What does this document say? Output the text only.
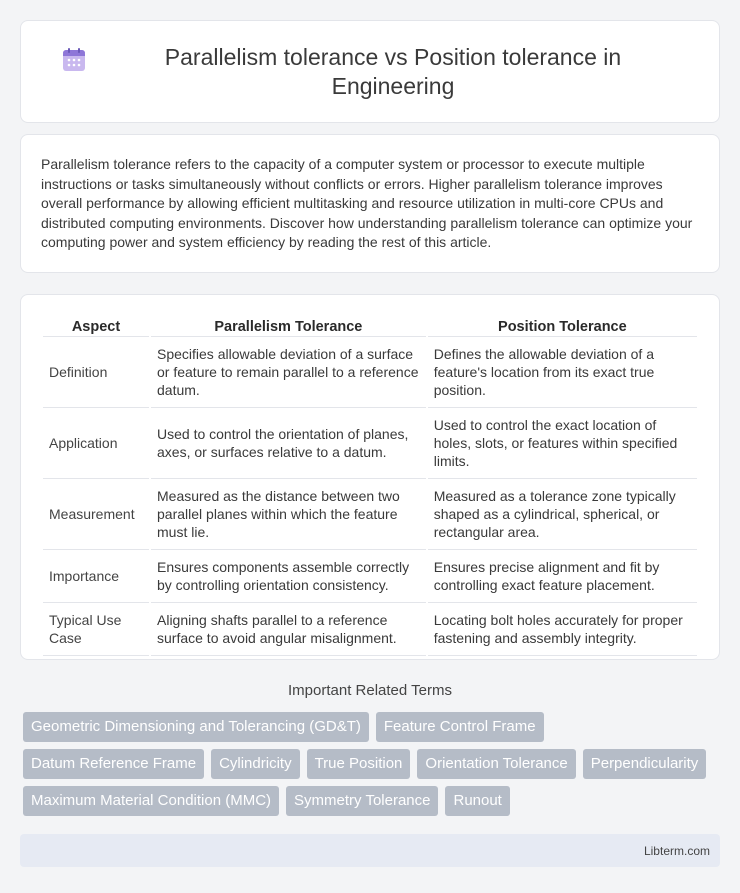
Parallelism tolerance vs Position tolerance in Engineering

Parallelism tolerance refers to the capacity of a computer system or processor to execute multiple instructions or tasks simultaneously without conflicts or errors. Higher parallelism tolerance improves overall performance by allowing efficient multitasking and resource utilization in multi-core CPUs and distributed computing environments. Discover how understanding parallelism tolerance can optimize your computing power and system efficiency by reading the rest of this article.

Aspect	Parallelism Tolerance	Position Tolerance
Definition	Specifies allowable deviation of a surface or feature to remain parallel to a reference datum.	Defines the allowable deviation of a feature's location from its exact true position.
Application	Used to control the orientation of planes, axes, or surfaces relative to a datum.	Used to control the exact location of holes, slots, or features within specified limits.
Measurement	Measured as the distance between two parallel planes within which the feature must lie.	Measured as a tolerance zone typically shaped as a cylindrical, spherical, or rectangular area.
Importance	Ensures components assemble correctly by controlling orientation consistency.	Ensures precise alignment and fit by controlling exact feature placement.
Typical Use Case	Aligning shafts parallel to a reference surface to avoid angular misalignment.	Locating bolt holes accurately for proper fastening and assembly integrity.
Important Related Terms
Geometric Dimensioning and Tolerancing (GD&T)	Feature Control Frame
Datum Reference Frame	Cylindricity	True Position	Orientation Tolerance	Perpendicularity
Maximum Material Condition (MMC)	Symmetry Tolerance	Runout
Libterm.com
